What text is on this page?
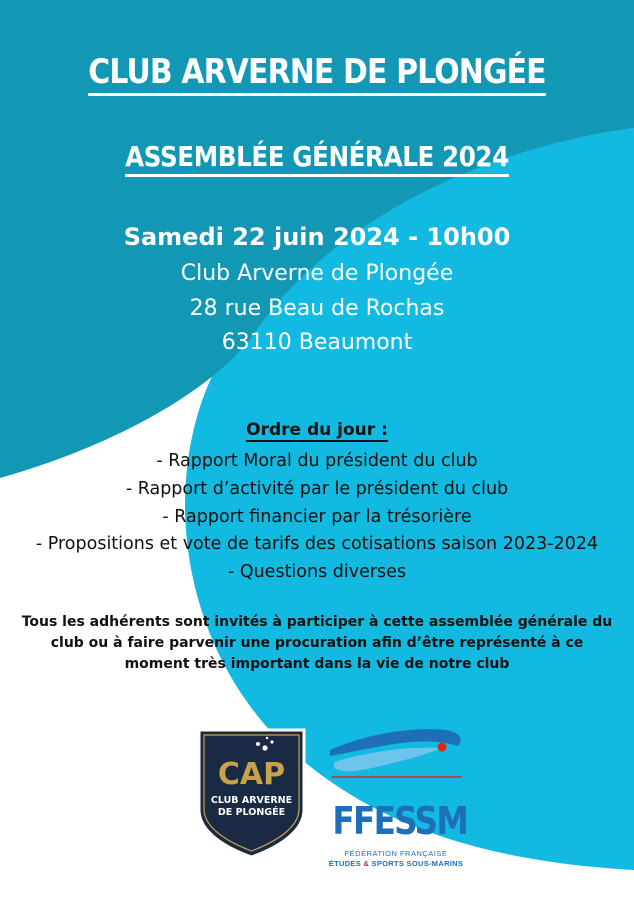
CLUB ARVERNE DE PLONGÉE
ASSEMBLÉE GÉNÉRALE 2024
Samedi 22 juin 2024 - 10h00
Club Arverne de Plongée
28 rue Beau de Rochas
63110 Beaumont
Ordre du jour :
- Rapport Moral du président du club
- Rapport d’activité par le président du club
- Rapport financier par la trésorière
- Propositions et vote de tarifs des cotisations saison 2023-2024
- Questions diverses
Tous les adhérents sont invités à participer à cette assemblée générale du club ou à faire parvenir une procuration afin d’être représenté à ce moment très important dans la vie de notre club
CAP
CLUB ARVERNE
DE PLONGÉE FFESSM
FÉDÉRATION FRANÇAISE
ÉTUDES & SPORTS SOUS-MARINS
